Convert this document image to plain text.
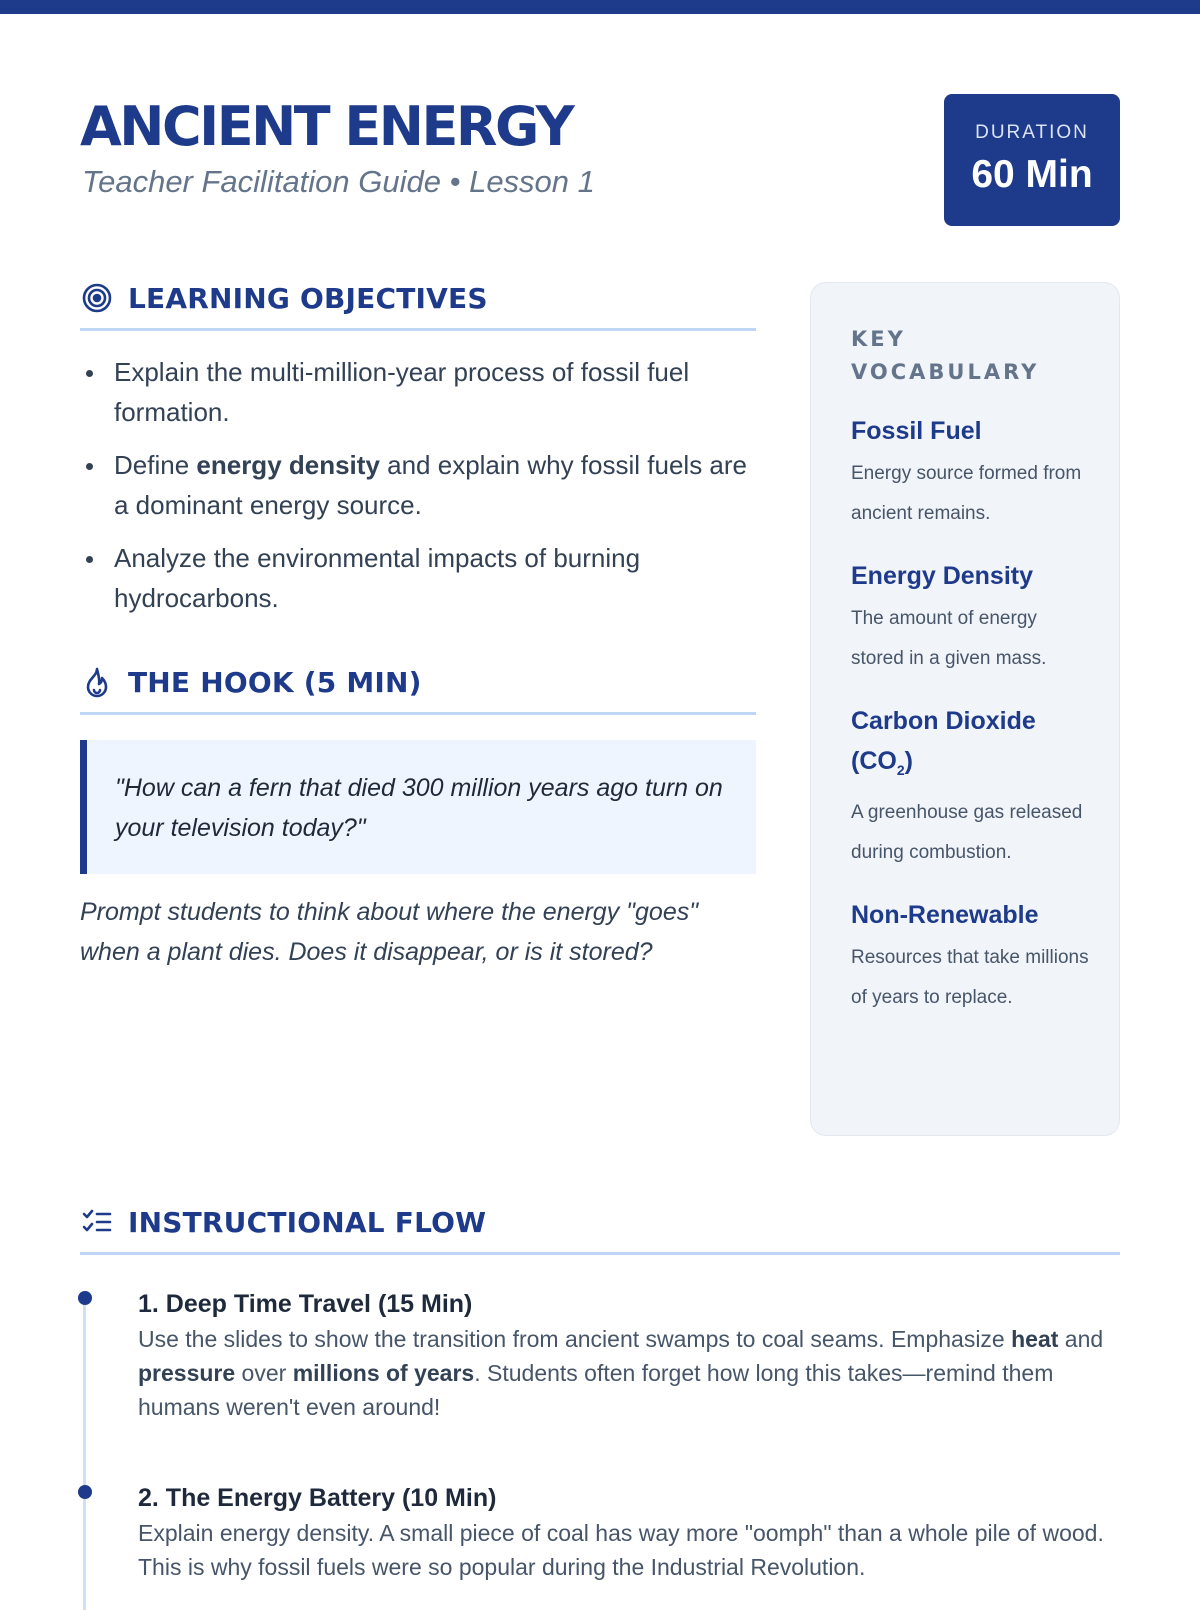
ANCIENT ENERGY
Teacher Facilitation Guide • Lesson 1
DURATION
60 Min
LEARNING OBJECTIVES
Explain the multi-million-year process of fossil fuel formation.
Define energy density and explain why fossil fuels are a dominant energy source.
Analyze the environmental impacts of burning hydrocarbons.
THE HOOK (5 MIN)
"How can a fern that died 300 million years ago turn on your television today?"
Prompt students to think about where the energy "goes" when a plant dies. Does it disappear, or is it stored?
KEY VOCABULARY
Fossil Fuel
Energy source formed from ancient remains.
Energy Density
The amount of energy stored in a given mass.
Carbon Dioxide
$(CO_2)$
A greenhouse gas released during combustion.
Non-Renewable
Resources that take millions of years to replace.
INSTRUCTIONAL FLOW
1. Deep Time Travel (15 Min)
Use the slides to show the transition from ancient swamps to coal seams. Emphasize heat and pressure over millions of years. Students often forget how long this takes—remind them humans weren't even around!
2. The Energy Battery (10 Min)
Explain energy density. A small piece of coal has way more "oomph" than a whole pile of wood. This is why fossil fuels were so popular during the Industrial Revolution.
